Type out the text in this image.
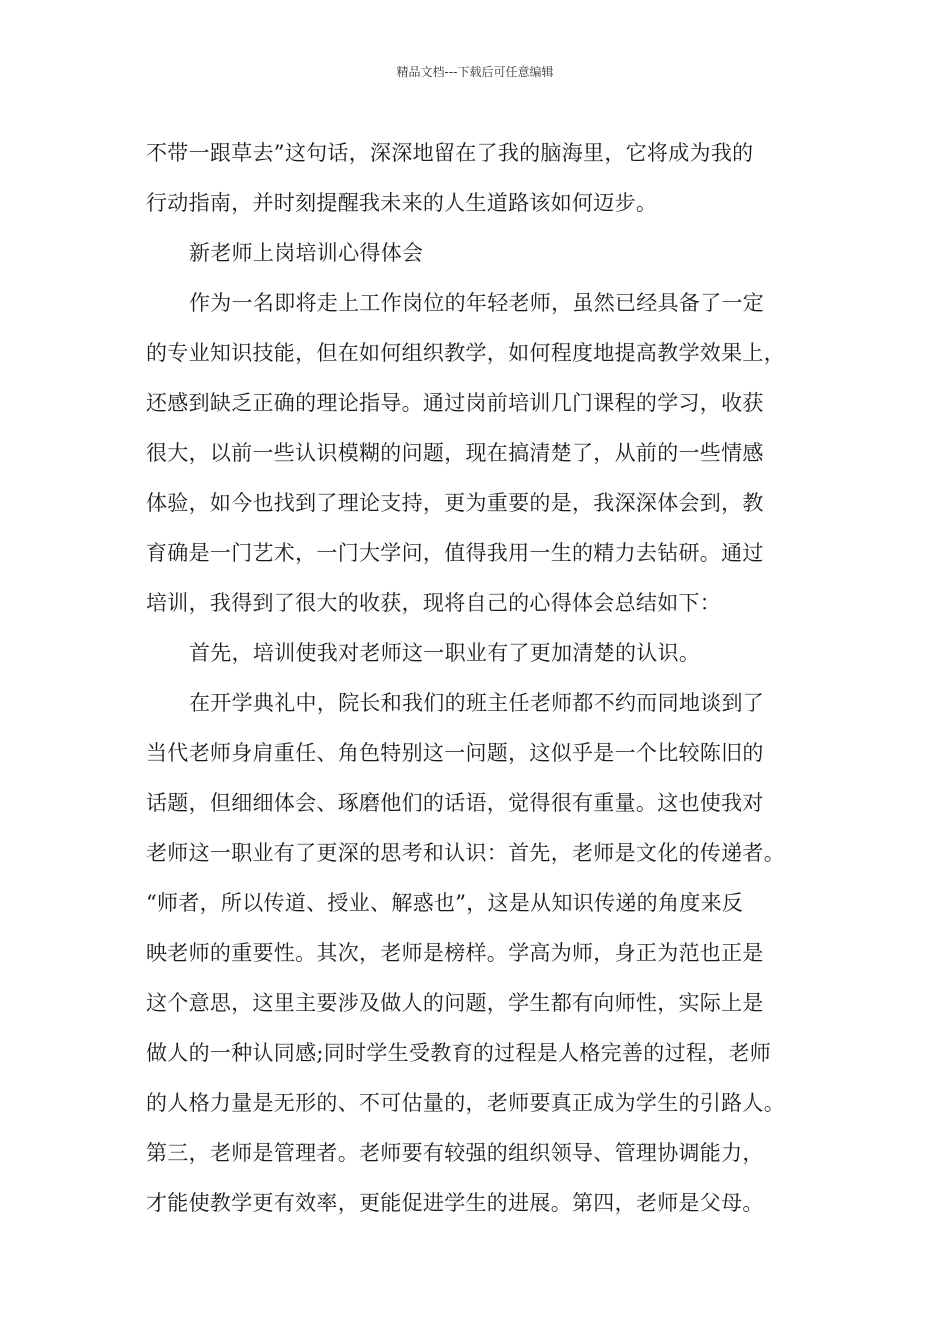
精品文档---下载后可任意编辑
不带一跟草去”这句话，深深地留在了我的脑海里，它将成为我的
行动指南，并时刻提醒我未来的人生道路该如何迈步。
新老师上岗培训心得体会
作为一名即将走上工作岗位的年轻老师，虽然已经具备了一定
的专业知识技能，但在如何组织教学，如何程度地提高教学效果上，
还感到缺乏正确的理论指导。通过岗前培训几门课程的学习，收获
很大，以前一些认识模糊的问题，现在搞清楚了，从前的一些情感
体验，如今也找到了理论支持，更为重要的是，我深深体会到，教
育确是一门艺术，一门大学问，值得我用一生的精力去钻研。通过
培训，我得到了很大的收获，现将自己的心得体会总结如下：
首先，培训使我对老师这一职业有了更加清楚的认识。
在开学典礼中，院长和我们的班主任老师都不约而同地谈到了
当代老师身肩重任、角色特别这一问题，这似乎是一个比较陈旧的
话题，但细细体会、琢磨他们的话语，觉得很有重量。这也使我对
老师这一职业有了更深的思考和认识：首先，老师是文化的传递者。
“师者，所以传道、授业、解惑也”，这是从知识传递的角度来反
映老师的重要性。其次，老师是榜样。学高为师，身正为范也正是
这个意思，这里主要涉及做人的问题，学生都有向师性，实际上是
做人的一种认同感;同时学生受教育的过程是人格完善的过程，老师
的人格力量是无形的、不可估量的，老师要真正成为学生的引路人。
第三，老师是管理者。老师要有较强的组织领导、管理协调能力，
才能使教学更有效率，更能促进学生的进展。第四，老师是父母。
